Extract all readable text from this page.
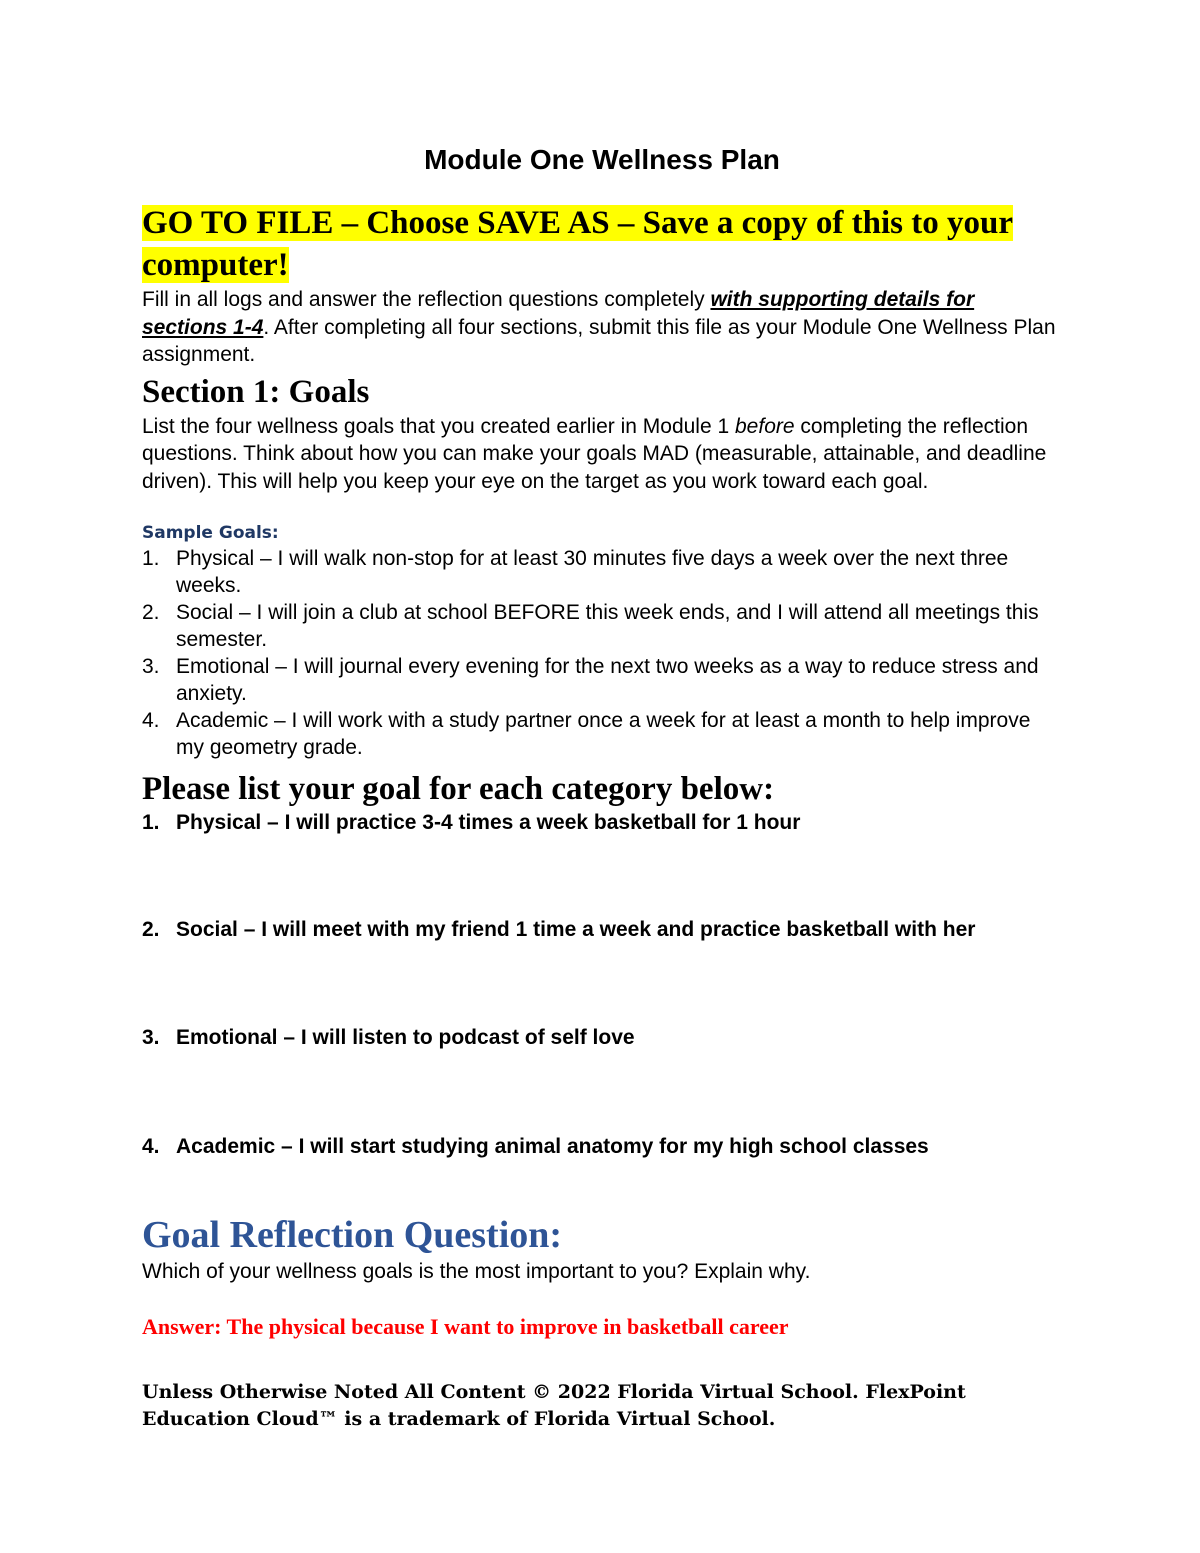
Module One Wellness Plan

GO TO FILE – Choose SAVE AS – Save a copy of this to your computer!

Fill in all logs and answer the reflection questions completely with supporting details for sections 1-4. After completing all four sections, submit this file as your Module One Wellness Plan assignment.

Section 1: Goals

List the four wellness goals that you created earlier in Module 1 before completing the reflection questions. Think about how you can make your goals MAD (measurable, attainable, and deadline driven). This will help you keep your eye on the target as you work toward each goal.

Sample Goals:
1. Physical – I will walk non-stop for at least 30 minutes five days a week over the next three weeks.
2. Social – I will join a club at school BEFORE this week ends, and I will attend all meetings this semester.
3. Emotional – I will journal every evening for the next two weeks as a way to reduce stress and anxiety.
4. Academic – I will work with a study partner once a week for at least a month to help improve my geometry grade.
Please list your goal for each category below:
1. Physical – I will practice 3-4 times a week basketball for 1 hour
2. Social – I will meet with my friend 1 time a week and practice basketball with her
3. Emotional – I will listen to podcast of self love
4. Academic – I will start studying animal anatomy for my high school classes
Goal Reflection Question:

Which of your wellness goals is the most important to you? Explain why.

Answer: The physical because I want to improve in basketball career

Unless Otherwise Noted All Content © 2022 Florida Virtual School. FlexPoint Education Cloud™ is a trademark of Florida Virtual School.
